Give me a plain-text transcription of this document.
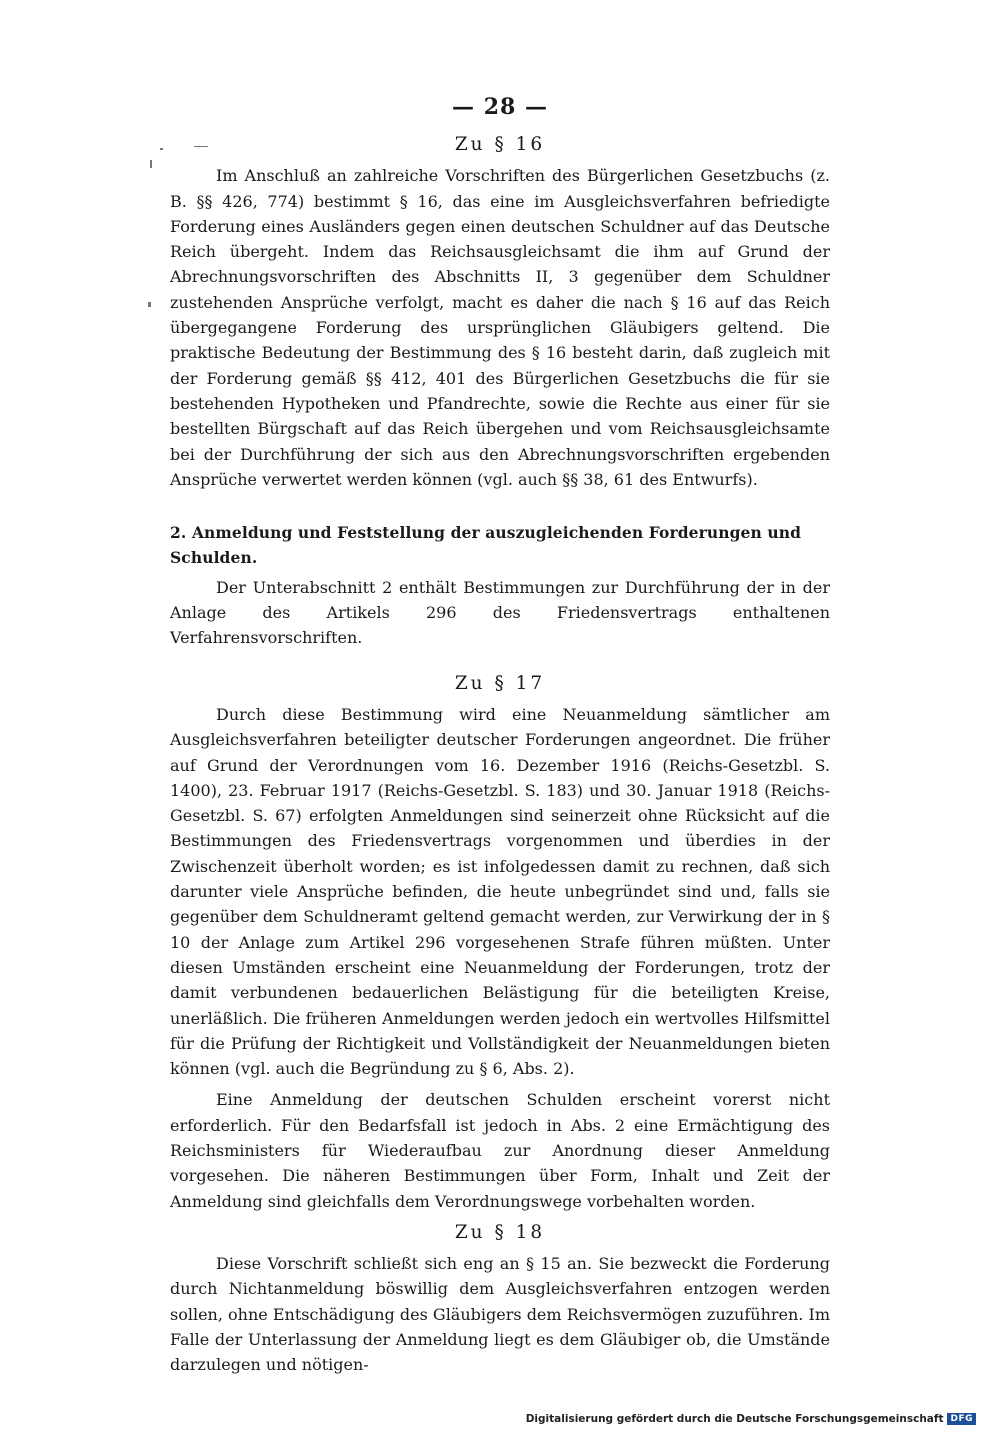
— 28 —
Zu § 16

Im Anschluß an zahlreiche Vorschriften des Bürgerlichen Gesetzbuchs (z. B. §§ 426, 774) bestimmt § 16, das eine im Ausgleichsverfahren befriedigte Forderung eines Ausländers gegen einen deutschen Schuldner auf das Deutsche Reich übergeht. Indem das Reichsausgleichsamt die ihm auf Grund der Abrechnungsvorschriften des Abschnitts II, 3 gegenüber dem Schuldner zustehenden Ansprüche verfolgt, macht es daher die nach § 16 auf das Reich übergegangene Forderung des ursprünglichen Gläubigers geltend. Die praktische Bedeutung der Bestimmung des § 16 besteht darin, daß zugleich mit der Forderung gemäß §§ 412, 401 des Bürgerlichen Gesetzbuchs die für sie bestehenden Hypotheken und Pfandrechte, sowie die Rechte aus einer für sie bestellten Bürgschaft auf das Reich übergehen und vom Reichsausgleichsamte bei der Durchführung der sich aus den Abrechnungsvorschriften ergebenden Ansprüche verwertet werden können (vgl. auch §§ 38, 61 des Entwurfs).

2. Anmeldung und Feststellung der auszugleichenden Forderungen und Schulden.

Der Unterabschnitt 2 enthält Bestimmungen zur Durchführung der in der Anlage des Artikels 296 des Friedensvertrags enthaltenen Verfahrensvorschriften.

Zu § 17

Durch diese Bestimmung wird eine Neuanmeldung sämtlicher am Ausgleichsverfahren beteiligter deutscher Forderungen angeordnet. Die früher auf Grund der Verordnungen vom 16. Dezember 1916 (Reichs-Gesetzbl. S. 1400), 23. Februar 1917 (Reichs-Gesetzbl. S. 183) und 30. Januar 1918 (Reichs-Gesetzbl. S. 67) erfolgten Anmeldungen sind seinerzeit ohne Rücksicht auf die Bestimmungen des Friedensvertrags vorgenommen und überdies in der Zwischenzeit überholt worden; es ist infolgedessen damit zu rechnen, daß sich darunter viele Ansprüche befinden, die heute unbegründet sind und, falls sie gegenüber dem Schuldneramt geltend gemacht werden, zur Verwirkung der in § 10 der Anlage zum Artikel 296 vorgesehenen Strafe führen müßten. Unter diesen Umständen erscheint eine Neuanmeldung der Forderungen, trotz der damit verbundenen bedauerlichen Belästigung für die beteiligten Kreise, unerläßlich. Die früheren Anmeldungen werden jedoch ein wertvolles Hilfsmittel für die Prüfung der Richtigkeit und Vollständigkeit der Neuanmeldungen bieten können (vgl. auch die Begründung zu § 6, Abs. 2).

Eine Anmeldung der deutschen Schulden erscheint vorerst nicht erforderlich. Für den Bedarfsfall ist jedoch in Abs. 2 eine Ermächtigung des Reichsministers für Wiederaufbau zur Anordnung dieser Anmeldung vorgesehen. Die näheren Bestimmungen über Form, Inhalt und Zeit der Anmeldung sind gleichfalls dem Verordnungswege vorbehalten worden.

Zu § 18

Diese Vorschrift schließt sich eng an § 15 an. Sie bezweckt die Forderung durch Nichtanmeldung böswillig dem Ausgleichsverfahren entzogen werden sollen, ohne Entschädigung des Gläubigers dem Reichsvermögen zuzuführen. Im Falle der Unterlassung der Anmeldung liegt es dem Gläubiger ob, die Umstände darzulegen und nötigen-

Digitalisierung gefördert durch die Deutsche Forschungsgemeinschaft DFG
